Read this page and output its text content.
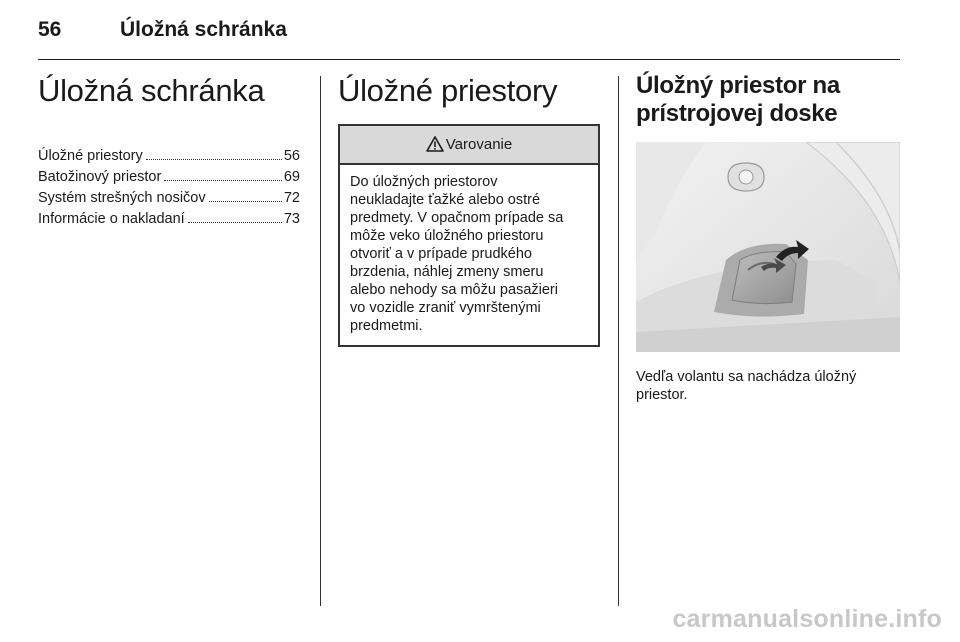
56	Úložná schránka
Úložná schránka
Úložné priestory	56
Batožinový priestor	69
Systém strešných nosičov	72
Informácie o nakladaní	73
Úložné priestory
Varovanie
Do úložných priestorov
neukladajte ťažké alebo ostré
predmety. V opačnom prípade sa
môže veko úložného priestoru
otvoriť a v prípade prudkého
brzdenia, náhlej zmeny smeru
alebo nehody sa môžu pasažieri
vo vozidle zraniť vymrštenými
predmetmi.
Úložný priestor na prístrojovej doske
Vedľa volantu sa nachádza úložný
priestor.
carmanualsonline.info
